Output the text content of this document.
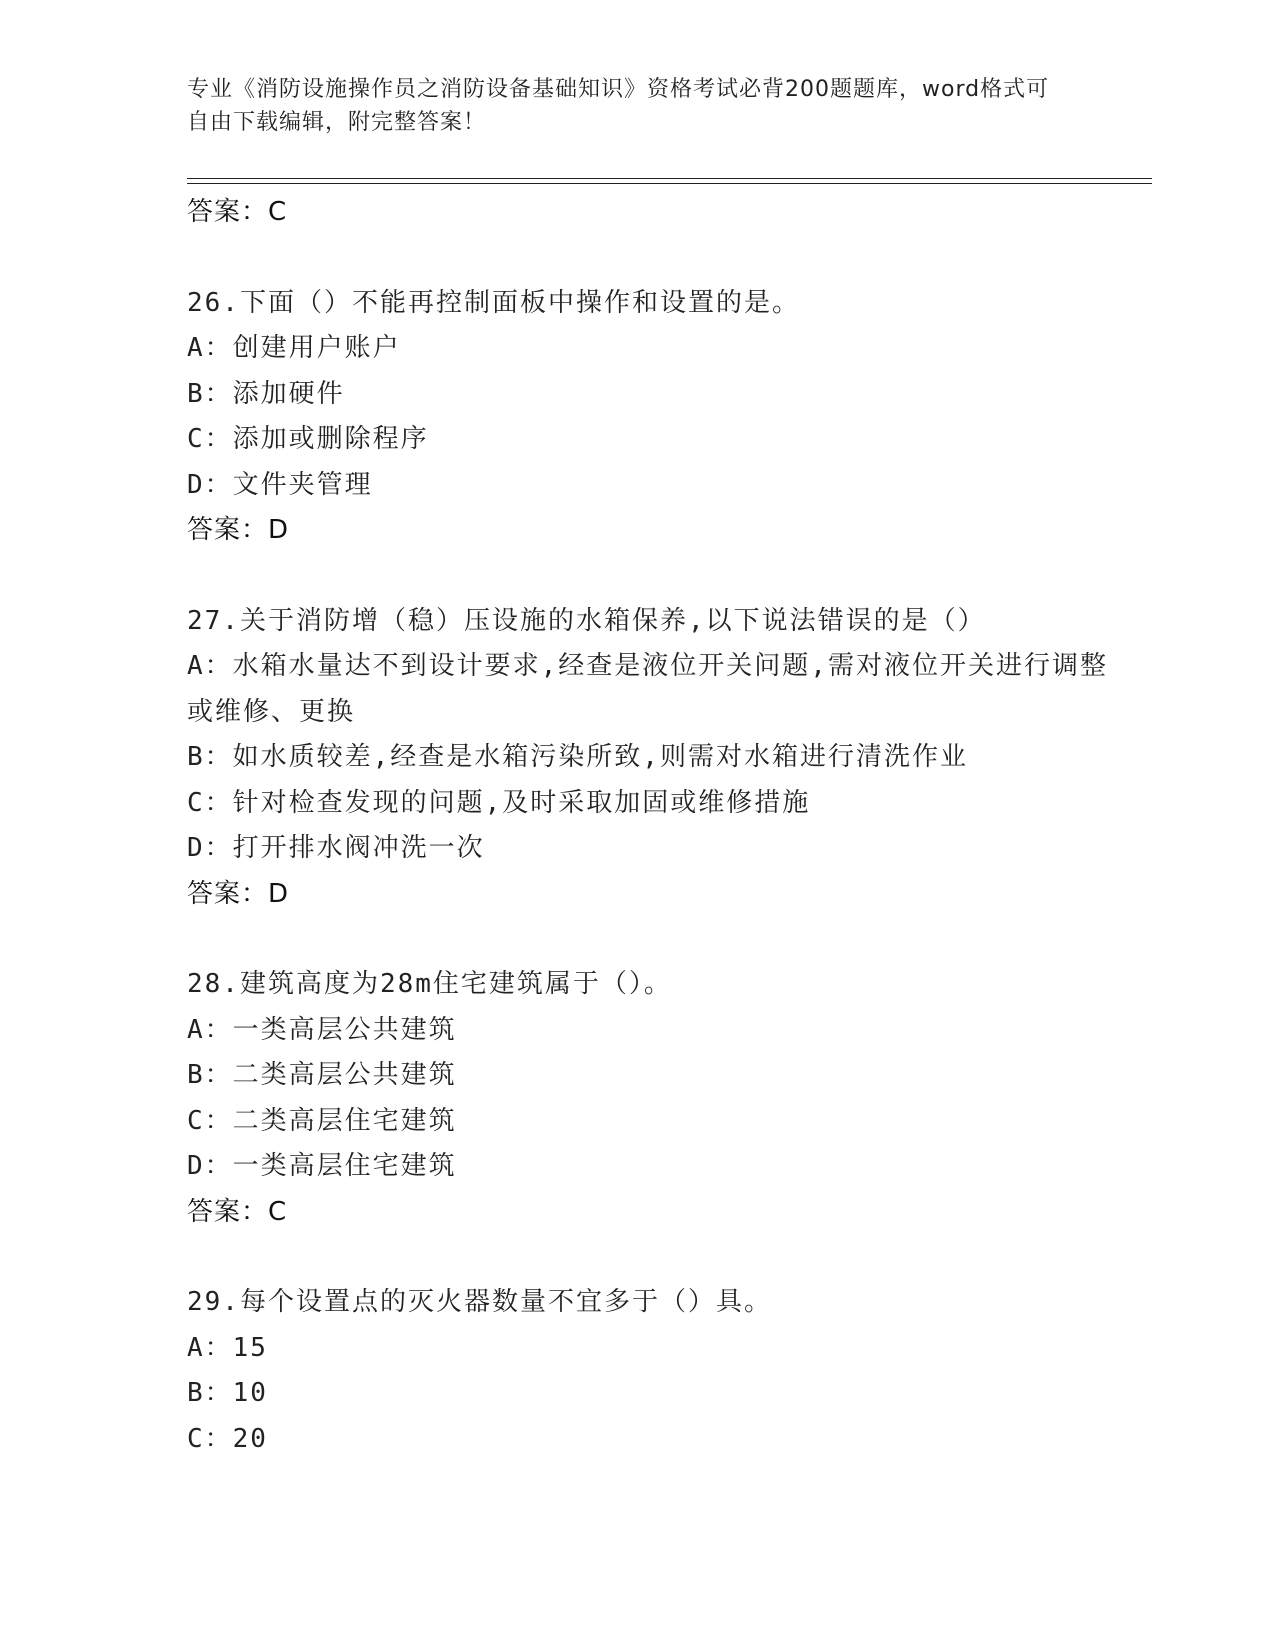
专业《消防设施操作员之消防设备基础知识》资格考试必背200题题库，word格式可自由下载编辑，附完整答案！
答案：C
26.下面（）不能再控制面板中操作和设置的是。
A：创建用户账户
B：添加硬件
C：添加或删除程序
D：文件夹管理
答案：D
27.关于消防增（稳）压设施的水箱保养,以下说法错误的是（）
A：水箱水量达不到设计要求,经查是液位开关问题,需对液位开关进行调整或维修、更换
B：如水质较差,经查是水箱污染所致,则需对水箱进行清洗作业
C：针对检查发现的问题,及时采取加固或维修措施
D：打开排水阀冲洗一次
答案：D
28.建筑高度为28m住宅建筑属于（）。
A：一类高层公共建筑
B：二类高层公共建筑
C：二类高层住宅建筑
D：一类高层住宅建筑
答案：C
29.每个设置点的灭火器数量不宜多于（）具。
A：15
B：10
C：20
